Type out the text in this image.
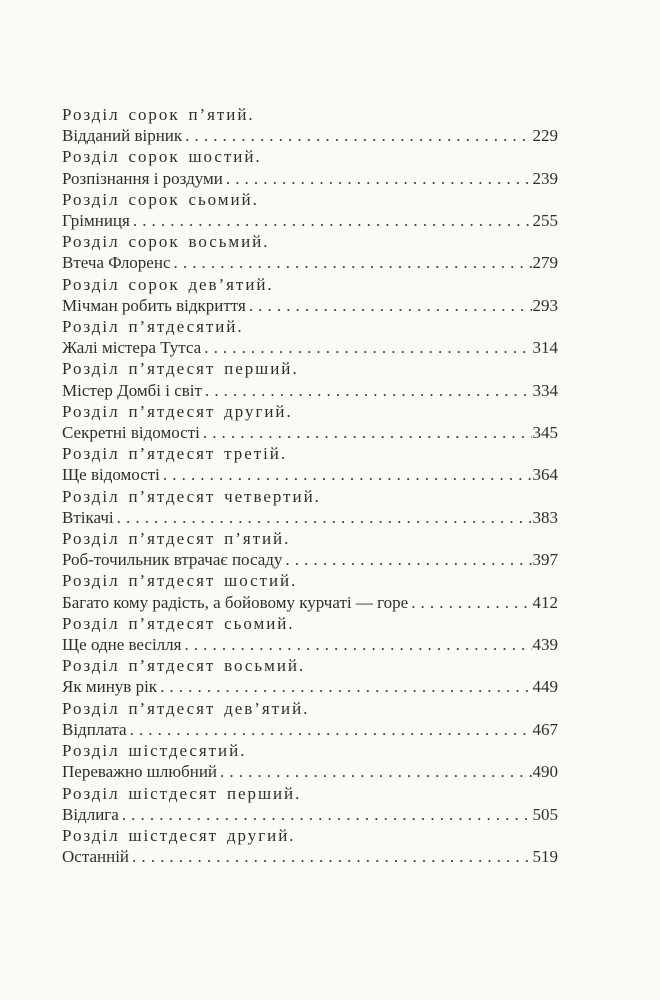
Розділ сорок п’ятий.
Відданий вірник .....	229
Розділ сорок шостий.
Розпізнання і роздуми .....	239
Розділ сорок сьомий.
Грімниця .....	255
Розділ сорок восьмий.
Втеча Флоренс .....	279
Розділ сорок дев’ятий.
Мічман робить відкриття .....	293
Розділ п’ятдесятий.
Жалі містера Тутса .....	314
Розділ п’ятдесят перший.
Містер Домбі і світ .....	334
Розділ п’ятдесят другий.
Секретні відомості .....	345
Розділ п’ятдесят третій.
Ще відомості .....	364
Розділ п’ятдесят четвертий.
Втікачі .....	383
Розділ п’ятдесят п’ятий.
Роб-точильник втрачає посаду .....	397
Розділ п’ятдесят шостий.
Багато кому радість, а бойовому курчаті — горе .....	412
Розділ п’ятдесят сьомий.
Ще одне весілля .....	439
Розділ п’ятдесят восьмий.
Як минув рік .....	449
Розділ п’ятдесят дев’ятий.
Відплата .....	467
Розділ шістдесятий.
Переважно шлюбний .....	490
Розділ шістдесят перший.
Відлига .....	505
Розділ шістдесят другий.
Останній .....	519
